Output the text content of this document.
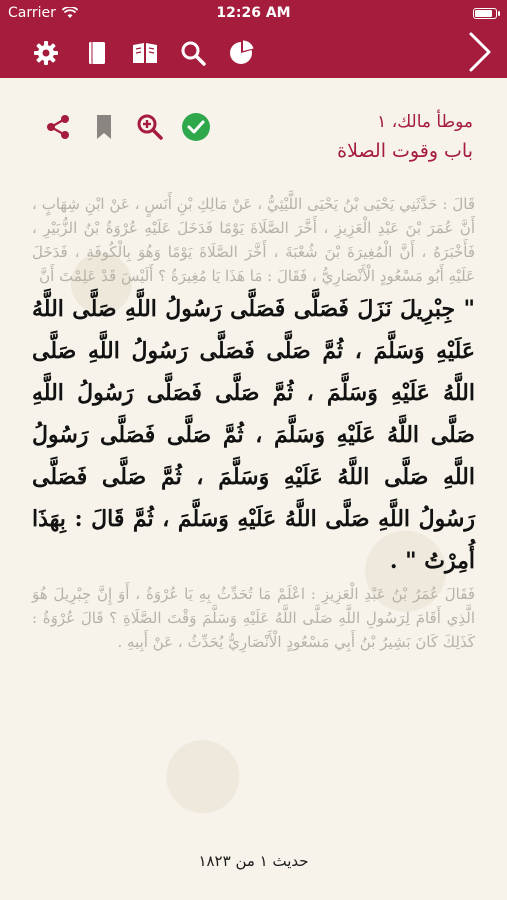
Carrier	12:26 AM
موطأ مالك، ١
باب وقوت الصلاة
قَالَ : حَدَّثَنِي يَحْيَى بْنُ يَحْيَى اللَّيْثِيُّ ، عَنْ مَالِكِ بْنِ أَنَسٍ ، عَنْ ابْنِ شِهَابٍ ، أَنَّ عُمَرَ بْنَ عَبْدِ الْعَزِيزِ ، أَخَّرَ الصَّلَاةَ يَوْمًا فَدَخَلَ عَلَيْهِ عُرْوَةُ بْنُ الزُّبَيْرِ ، فَأَخْبَرَهُ ، أَنَّ الْمُغِيرَةَ بْنَ شُعْبَةَ ، أَخَّرَ الصَّلَاةَ يَوْمًا وَهُوَ بِالْكُوفَةِ ، فَدَخَلَ عَلَيْهِ أَبُو مَسْعُودٍ الْأَنْصَارِيُّ ، فَقَالَ : مَا هَذَا يَا مُغِيرَةُ ؟ أَلَيْسَ قَدْ عَلِمْتَ أَنَّ
" جِبْرِيلَ نَزَلَ فَصَلَّى فَصَلَّى رَسُولُ اللَّهِ صَلَّى اللَّهُ عَلَيْهِ وَسَلَّمَ ، ثُمَّ صَلَّى فَصَلَّى رَسُولُ اللَّهِ صَلَّى اللَّهُ عَلَيْهِ وَسَلَّمَ ، ثُمَّ صَلَّى فَصَلَّى رَسُولُ اللَّهِ صَلَّى اللَّهُ عَلَيْهِ وَسَلَّمَ ، ثُمَّ صَلَّى فَصَلَّى رَسُولُ اللَّهِ صَلَّى اللَّهُ عَلَيْهِ وَسَلَّمَ ، ثُمَّ صَلَّى فَصَلَّى رَسُولُ اللَّهِ صَلَّى اللَّهُ عَلَيْهِ وَسَلَّمَ ، ثُمَّ قَالَ : بِهَذَا أُمِرْتُ " .
فَقَالَ عُمَرُ بْنُ عَبْدِ الْعَزِيزِ : اعْلَمْ مَا تُحَدِّثُ بِهِ يَا عُرْوَةُ ، أَوَ إِنَّ جِبْرِيلَ هُوَ الَّذِي أَقَامَ لِرَسُولِ اللَّهِ صَلَّى اللَّهُ عَلَيْهِ وَسَلَّمَ وَقْتَ الصَّلَاةِ ؟ قَالَ عُرْوَةُ : كَذَلِكَ كَانَ بَشِيرُ بْنُ أَبِي مَسْعُودٍ الْأَنْصَارِيُّ يُحَدِّثُ ، عَنْ أَبِيهِ .
حديث ١ من ١٨٢٣
